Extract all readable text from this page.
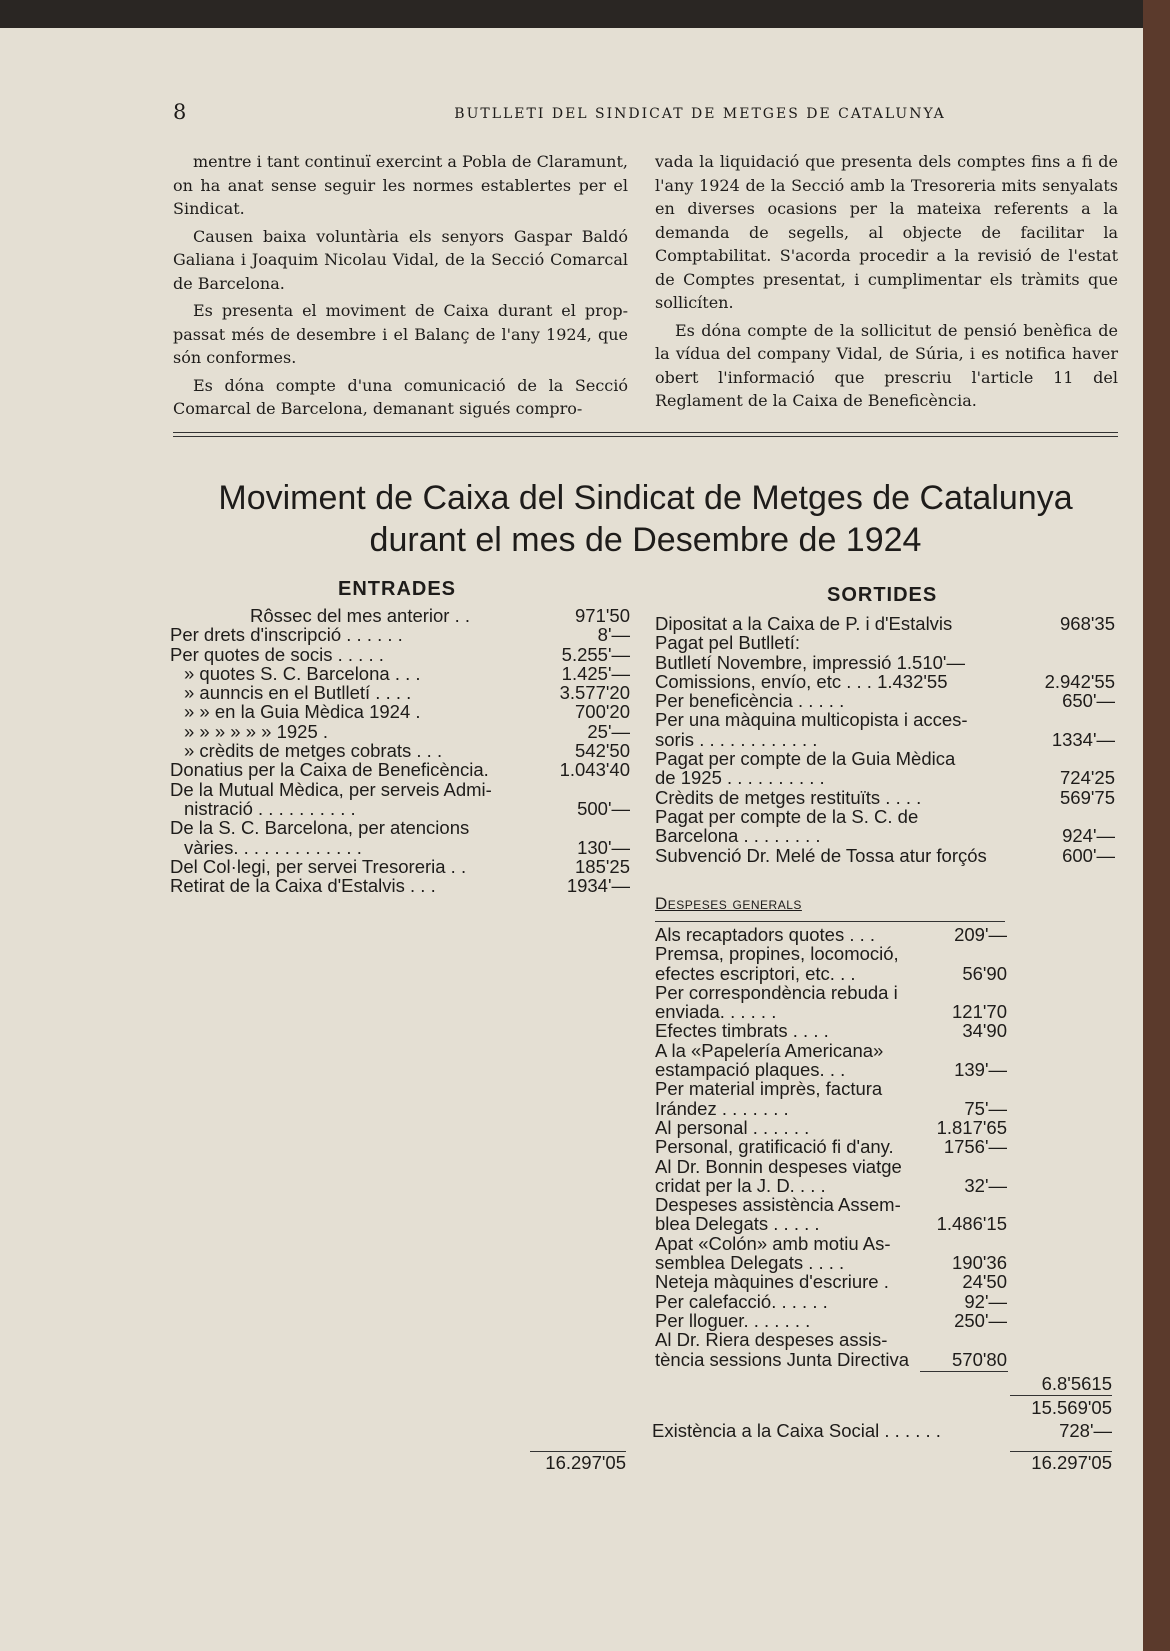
8	BUTLLETI DEL SINDICAT DE METGES DE CATALUNYA

mentre i tant continuï exercint a Pobla de Claramunt, on ha anat sense seguir les normes establertes per el Sindicat.

Causen baixa voluntària els senyors Gaspar Baldó Galiana i Joaquim Nicolau Vidal, de la Secció Comarcal de Barcelona.

Es presenta el moviment de Caixa durant el prop-passat més de desembre i el Balanç de l'any 1924, que són conformes.

Es dóna compte d'una comunicació de la Secció Comarcal de Barcelona, demanant sigués compro-

vada la liquidació que presenta dels comptes fins a fi de l'any 1924 de la Secció amb la Tresoreria mits senyalats en diverses ocasions per la mateixa referents a la demanda de segells, al objecte de facilitar la Comptabilitat. S'acorda procedir a la revisió de l'estat de Comptes presentat, i cumplimentar els tràmits que sollicíten.

Es dóna compte de la sollicitut de pensió benèfica de la vídua del company Vidal, de Súria, i es notifica haver obert l'informació que prescriu l'article 11 del Reglament de la Caixa de Beneficència.

Moviment de Caixa del Sindicat de Metges de Catalunya
durant el mes de Desembre de 1924
ENTRADES
Rôssec del mes anterior . .	971'50
Per drets d'inscripció . . . . . .	8'—
Per quotes de socis . . . . .	5.255'—
» quotes S. C. Barcelona . . .	1.425'—
» aunncis en el Butlletí . . . .	3.577'20
» » en la Guia Mèdica 1924 .	700'20
» » » » » » 1925 .	25'—
» crèdits de metges cobrats . . .	542'50
Donatius per la Caixa de Beneficència.	1.043'40
De la Mutual Mèdica, per serveis Admi-
nistració . . . . . . . . . .	500'—
De la S. C. Barcelona, per atencions
vàries. . . . . . . . . . . . .	130'—
Del Col·legi, per servei Tresoreria . .	185'25
Retirat de la Caixa d'Estalvis . . .	1934'—
16.297'05
SORTIDES
Dipositat a la Caixa de P. i d'Estalvis	968'35
Pagat pel Butlletí:
Butlletí Novembre, impressió 1.510'—
Comissions, envío, etc . . . 1.432'55	2.942'55
Per beneficència . . . . .	650'—
Per una màquina multicopista i acces-
soris . . . . . . . . . . . .	1334'—
Pagat per compte de la Guia Mèdica
de 1925 . . . . . . . . . .	724'25
Crèdits de metges restituïts . . . .	569'75
Pagat per compte de la S. C. de
Barcelona . . . . . . . .	924'—
Subvenció Dr. Melé de Tossa atur forçós	600'—
Despeses generals
Als recaptadors quotes . . .	209'—
Premsa, propines, locomoció,
efectes escriptori, etc. . .	56'90
Per correspondència rebuda i
enviada. . . . . .	121'70
Efectes timbrats . . . .	34'90
A la «Papelería Americana»
estampació plaques. . .	139'—
Per material imprès, factura
Irández . . . . . . .	75'—
Al personal . . . . . .	1.817'65
Personal, gratificació fi d'any.	1756'—
Al Dr. Bonnin despeses viatge
cridat per la J. D. . . .	32'—
Despeses assistència Assem-
blea Delegats . . . . .	1.486'15
Apat «Colón» amb motiu As-
semblea Delegats . . . .	190'36
Neteja màquines d'escriure .	24'50
Per calefacció. . . . . .	92'—
Per lloguer. . . . . . .	250'—
Al Dr. Riera despeses assis-
tència sessions Junta Directiva	570'80
6.8'5615
15.569'05
Existència a la Caixa Social . . . . . .	728'—
16.297'05
